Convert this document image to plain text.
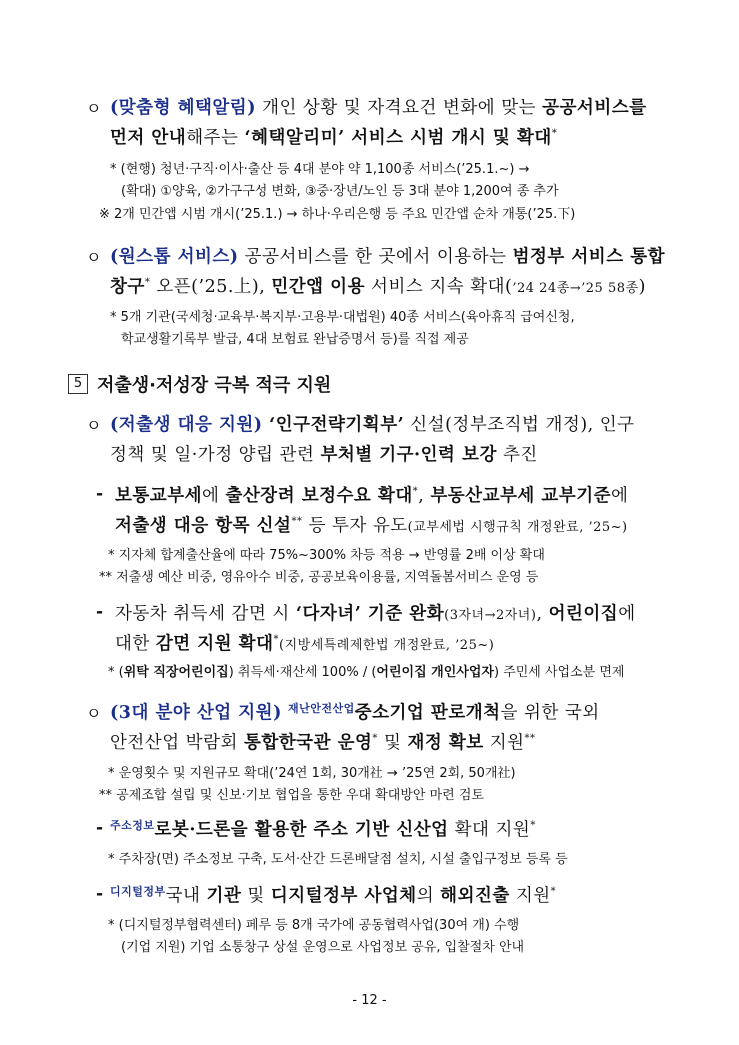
ㅇ (맞춤형 혜택알림) 개인 상황 및 자격요건 변화에 맞는 공공서비스를
먼저 안내해주는 ‘혜택알리미’ 서비스 시범 개시 및 확대*
* (현행) 청년·구직·이사·출산 등 4대 분야 약 1,100종 서비스(’25.1.~) →
(확대) ①양육, ②가구구성 변화, ③중·장년/노인 등 3대 분야 1,200여 종 추가
※ 2개 민간앱 시범 개시(’25.1.) → 하나·우리은행 등 주요 민간앱 순차 개통(’25.下)
ㅇ (원스톱 서비스) 공공서비스를 한 곳에서 이용하는 범정부 서비스 통합
창구* 오픈(’25.上), 민간앱 이용 서비스 지속 확대(’24 24종→’25 58종)
* 5개 기관(국세청·교육부·복지부·고용부·대법원) 40종 서비스(육아휴직 급여신청,
학교생활기록부 발급, 4대 보험료 완납증명서 등)를 직접 제공
5 저출생·저성장 극복 적극 지원
ㅇ (저출생 대응 지원) ‘인구전략기획부’ 신설(정부조직법 개정), 인구
정책 및 일·가정 양립 관련 부처별 기구·인력 보강 추진
- 보통교부세에 출산장려 보정수요 확대*, 부동산교부세 교부기준에
저출생 대응 항목 신설** 등 투자 유도(교부세법 시행규칙 개정완료, ’25~)
* 지자체 합계출산율에 따라 75%~300% 차등 적용 → 반영률 2배 이상 확대
** 저출생 예산 비중, 영유아수 비중, 공공보육이용률, 지역돌봄서비스 운영 등
- 자동차 취득세 감면 시 ‘다자녀’ 기준 완화(3자녀→2자녀), 어린이집에
대한 감면 지원 확대*(지방세특례제한법 개정완료, ’25~)
* (위탁 직장어린이집) 취득세·재산세 100% / (어린이집 개인사업자) 주민세 사업소분 면제
ㅇ (3대 분야 산업 지원) $^{재난안전산업}$중소기업 판로개척을 위한 국외
안전산업 박람회 통합한국관 운영* 및 재정 확보 지원**
* 운영횟수 및 지원규모 확대(’24연 1회, 30개社 → ’25연 2회, 50개社)
** 공제조합 설립 및 신보·기보 협업을 통한 우대 확대방안 마련 검토
- $^{주소정보}$로봇·드론을 활용한 주소 기반 신산업 확대 지원*
* 주차장(면) 주소정보 구축, 도서·산간 드론배달점 설치, 시설 출입구정보 등록 등
- $^{디지털정부}$국내 기관 및 디지털정부 사업체의 해외진출 지원*
* (디지털정부협력센터) 페루 등 8개 국가에 공동협력사업(30여 개) 수행
(기업 지원) 기업 소통창구 상설 운영으로 사업정보 공유, 입찰절차 안내
- 12 -
